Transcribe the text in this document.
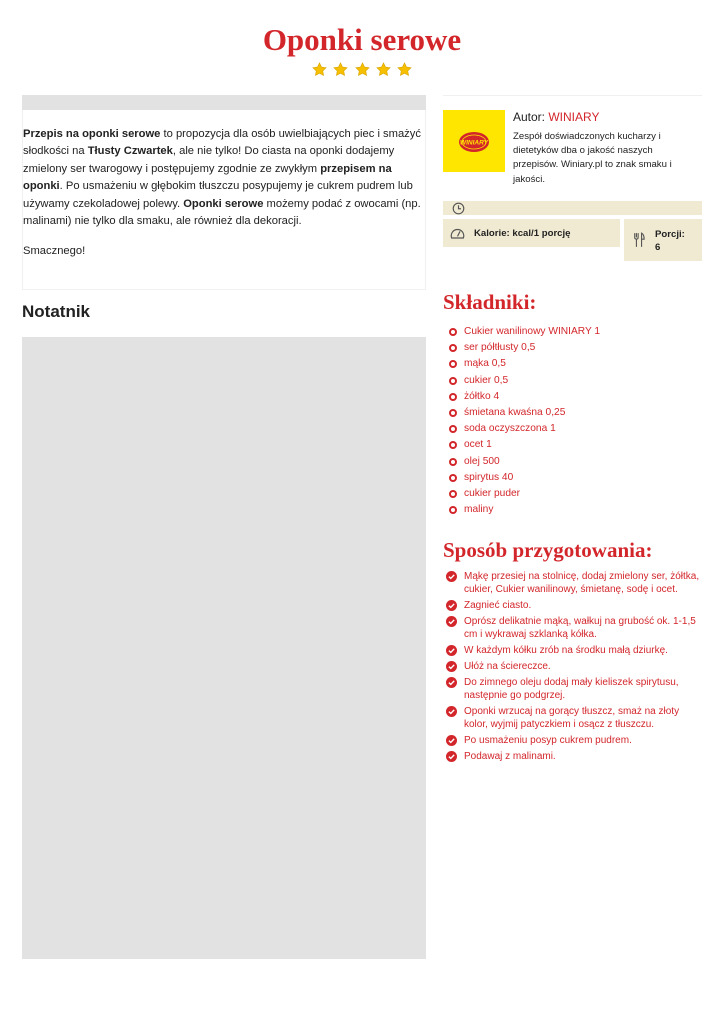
Oponki serowe

Przepis na oponki serowe to propozycja dla osób uwielbiających piec i smażyć słodkości na Tłusty Czwartek, ale nie tylko! Do ciasta na oponki dodajemy zmielony ser twarogowy i postępujemy zgodnie ze zwykłym przepisem na oponki. Po usmażeniu w głębokim tłuszczu posypujemy je cukrem pudrem lub używamy czekoladowej polewy. Oponki serowe możemy podać z owocami (np. malinami) nie tylko dla smaku, ale również dla dekoracji.

Smacznego!

Notatnik
WINIARY
Autor: WINIARY

Zespół doświadczonych kucharzy i dietetyków dba o jakość naszych przepisów. Winiary.pl to znak smaku i jakości.

Kalorie: kcal/1 porcję	Porcji:
6
Składniki:
Cukier wanilinowy WINIARY 1
ser półtłusty 0,5
mąka 0,5
cukier 0,5
żółtko 4
śmietana kwaśna 0,25
soda oczyszczona 1
ocet 1
olej 500
spirytus 40
cukier puder
maliny
Sposób przygotowania:
Mąkę przesiej na stolnicę, dodaj zmielony ser, żółtka, cukier, Cukier wanilinowy, śmietanę, sodę i ocet.
Zagnieć ciasto.
Oprósz delikatnie mąką, wałkuj na grubość ok. 1-1,5 cm i wykrawaj szklanką kółka.
W każdym kółku zrób na środku małą dziurkę.
Ułóż na ściereczce.
Do zimnego oleju dodaj mały kieliszek spirytusu, następnie go podgrzej.
Oponki wrzucaj na gorący tłuszcz, smaż na złoty kolor, wyjmij patyczkiem i osącz z tłuszczu.
Po usmażeniu posyp cukrem pudrem.
Podawaj z malinami.
